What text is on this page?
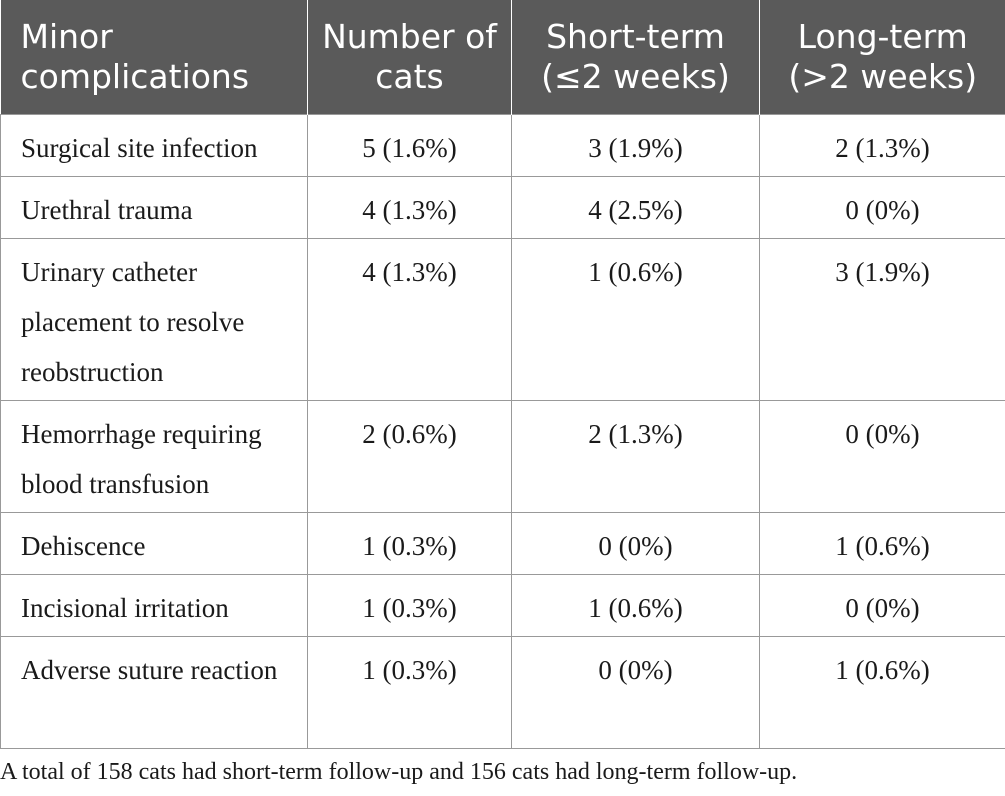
Minor complications	Number of cats	Short-term (≤2 weeks)	Long-term (>2 weeks)
Surgical site infection	5 (1.6%)	3 (1.9%)	2 (1.3%)
Urethral trauma	4 (1.3%)	4 (2.5%)	0 (0%)
Urinary catheter placement to resolve reobstruction	4 (1.3%)	1 (0.6%)	3 (1.9%)
Hemorrhage requiring blood transfusion	2 (0.6%)	2 (1.3%)	0 (0%)
Dehiscence	1 (0.3%)	0 (0%)	1 (0.6%)
Incisional irritation	1 (0.3%)	1 (0.6%)	0 (0%)
Adverse suture reaction	1 (0.3%)	0 (0%)	1 (0.6%)
A total of 158 cats had short-term follow-up and 156 cats had long-term follow-up.
